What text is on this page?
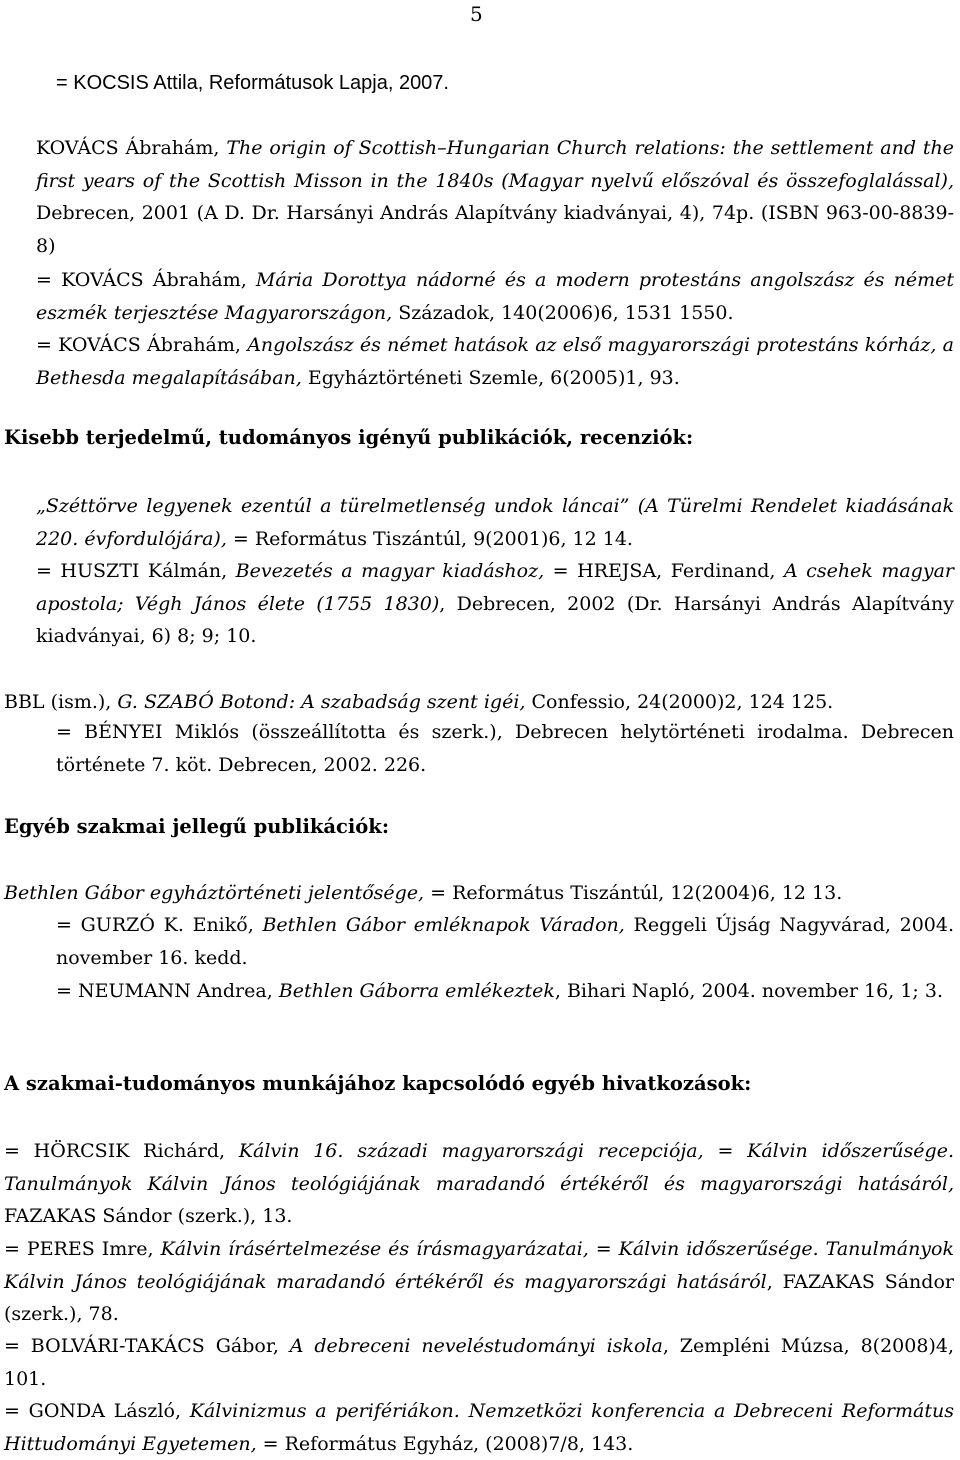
5
= KOCSIS Attila, Reformátusok Lapja, 2007.
KOVÁCS Ábrahám, The origin of Scottish–Hungarian Church relations: the settlement and the first years of the Scottish Misson in the 1840s (Magyar nyelvű előszóval és összefoglalással), Debrecen, 2001 (A D. Dr. Harsányi András Alapítvány kiadványai, 4), 74p. (ISBN 963-00-8839-8)
= KOVÁCS Ábrahám, Mária Dorottya nádorné és a modern protestáns angolszász és német eszmék terjesztése Magyarországon, Századok, 140(2006)6, 1531 1550.
= KOVÁCS Ábrahám, Angolszász és német hatások az első magyarországi protestáns kórház, a Bethesda megalapításában, Egyháztörténeti Szemle, 6(2005)1, 93.
Kisebb terjedelmű, tudományos igényű publikációk, recenziók:
„Széttörve legyenek ezentúl a türelmetlenség undok láncai” (A Türelmi Rendelet kiadásának 220. évfordulójára), = Református Tiszántúl, 9(2001)6, 12 14.
= HUSZTI Kálmán, Bevezetés a magyar kiadáshoz, = HREJSA, Ferdinand, A csehek magyar apostola; Végh János élete (1755 1830), Debrecen, 2002 (Dr. Harsányi András Alapítvány kiadványai, 6) 8; 9; 10.
BBL (ism.), G. SZABÓ Botond: A szabadság szent igéi, Confessio, 24(2000)2, 124 125.
= BÉNYEI Miklós (összeállította és szerk.), Debrecen helytörténeti irodalma. Debrecen története 7. köt. Debrecen, 2002. 226.
Egyéb szakmai jellegű publikációk:
Bethlen Gábor egyháztörténeti jelentősége, = Református Tiszántúl, 12(2004)6, 12 13.
= GURZÓ K. Enikő, Bethlen Gábor emléknapok Váradon, Reggeli Újság Nagyvárad, 2004. november 16. kedd.
= NEUMANN Andrea, Bethlen Gáborra emlékeztek, Bihari Napló, 2004. november 16, 1; 3.
A szakmai-tudományos munkájához kapcsolódó egyéb hivatkozások:
= HÖRCSIK Richárd, Kálvin 16. századi magyarországi recepciója, = Kálvin időszerűsége. Tanulmányok Kálvin János teológiájának maradandó értékéről és magyarországi hatásáról, FAZAKAS Sándor (szerk.), 13.
= PERES Imre, Kálvin írásértelmezése és írásmagyarázatai, = Kálvin időszerűsége. Tanulmányok Kálvin János teológiájának maradandó értékéről és magyarországi hatásáról, FAZAKAS Sándor (szerk.), 78.
= BOLVÁRI-TAKÁCS Gábor, A debreceni neveléstudományi iskola, Zempléni Múzsa, 8(2008)4, 101.
= GONDA László, Kálvinizmus a perifériákon. Nemzetközi konferencia a Debreceni Református Hittudományi Egyetemen, = Református Egyház, (2008)7/8, 143.
